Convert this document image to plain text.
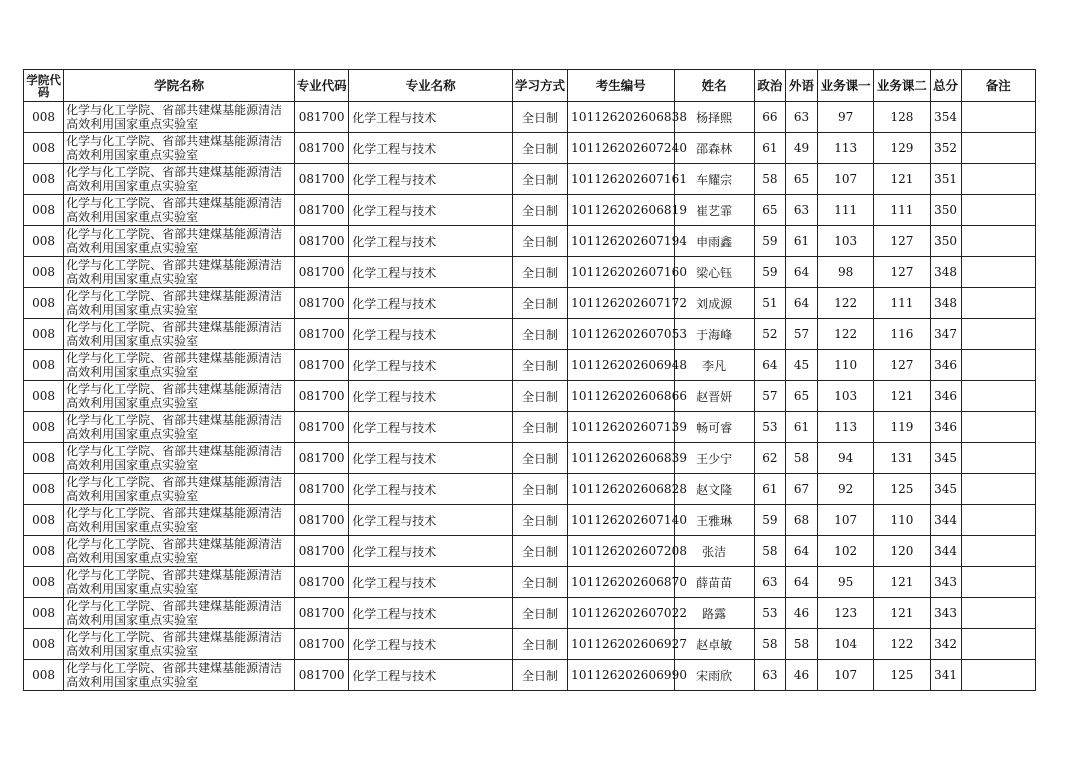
学院代码	学院名称	专业代码	专业名称	学习方式	考生编号	姓名	政治	外语	业务课一	业务课二	总分	备注
008	化学与化工学院、省部共建煤基能源清洁高效利用国家重点实验室	081700	化学工程与技术	全日制	101126202606838	杨择熙	66	63	97	128	354	
008	化学与化工学院、省部共建煤基能源清洁高效利用国家重点实验室	081700	化学工程与技术	全日制	101126202607240	邵森林	61	49	113	129	352	
008	化学与化工学院、省部共建煤基能源清洁高效利用国家重点实验室	081700	化学工程与技术	全日制	101126202607161	车耀宗	58	65	107	121	351	
008	化学与化工学院、省部共建煤基能源清洁高效利用国家重点实验室	081700	化学工程与技术	全日制	101126202606819	崔艺霏	65	63	111	111	350	
008	化学与化工学院、省部共建煤基能源清洁高效利用国家重点实验室	081700	化学工程与技术	全日制	101126202607194	申雨鑫	59	61	103	127	350	
008	化学与化工学院、省部共建煤基能源清洁高效利用国家重点实验室	081700	化学工程与技术	全日制	101126202607160	梁心钰	59	64	98	127	348	
008	化学与化工学院、省部共建煤基能源清洁高效利用国家重点实验室	081700	化学工程与技术	全日制	101126202607172	刘成源	51	64	122	111	348	
008	化学与化工学院、省部共建煤基能源清洁高效利用国家重点实验室	081700	化学工程与技术	全日制	101126202607053	于海峰	52	57	122	116	347	
008	化学与化工学院、省部共建煤基能源清洁高效利用国家重点实验室	081700	化学工程与技术	全日制	101126202606948	李凡	64	45	110	127	346	
008	化学与化工学院、省部共建煤基能源清洁高效利用国家重点实验室	081700	化学工程与技术	全日制	101126202606866	赵晋妍	57	65	103	121	346	
008	化学与化工学院、省部共建煤基能源清洁高效利用国家重点实验室	081700	化学工程与技术	全日制	101126202607139	畅可睿	53	61	113	119	346	
008	化学与化工学院、省部共建煤基能源清洁高效利用国家重点实验室	081700	化学工程与技术	全日制	101126202606839	王少宁	62	58	94	131	345	
008	化学与化工学院、省部共建煤基能源清洁高效利用国家重点实验室	081700	化学工程与技术	全日制	101126202606828	赵文隆	61	67	92	125	345	
008	化学与化工学院、省部共建煤基能源清洁高效利用国家重点实验室	081700	化学工程与技术	全日制	101126202607140	王雅琳	59	68	107	110	344	
008	化学与化工学院、省部共建煤基能源清洁高效利用国家重点实验室	081700	化学工程与技术	全日制	101126202607208	张洁	58	64	102	120	344	
008	化学与化工学院、省部共建煤基能源清洁高效利用国家重点实验室	081700	化学工程与技术	全日制	101126202606870	薛苗苗	63	64	95	121	343	
008	化学与化工学院、省部共建煤基能源清洁高效利用国家重点实验室	081700	化学工程与技术	全日制	101126202607022	路露	53	46	123	121	343	
008	化学与化工学院、省部共建煤基能源清洁高效利用国家重点实验室	081700	化学工程与技术	全日制	101126202606927	赵卓敏	58	58	104	122	342	
008	化学与化工学院、省部共建煤基能源清洁高效利用国家重点实验室	081700	化学工程与技术	全日制	101126202606990	宋雨欣	63	46	107	125	341	
